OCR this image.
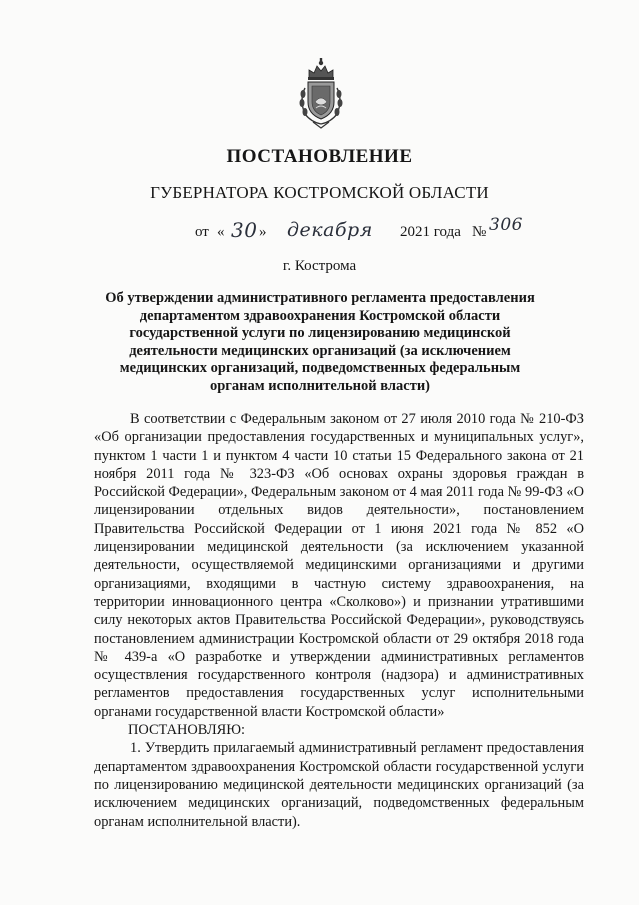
ПОСТАНОВЛЕНИЕ
ГУБЕРНАТОРА КОСТРОМСКОЙ ОБЛАСТИ
от « 30 » декабря 2021 года № 306
г. Кострома
Об утверждении административного регламента предоставления департаментом здравоохранения Костромской области государственной услуги по лицензированию медицинской деятельности медицинских организаций (за исключением медицинских организаций, подведомственных федеральным органам исполнительной власти)

В соответствии с Федеральным законом от 27 июля 2010 года № 210-ФЗ «Об организации предоставления государственных и муниципальных услуг», пунктом 1 части 1 и пунктом 4 части 10 статьи 15 Федерального закона от 21 ноября 2011 года № 323-ФЗ «Об основах охраны здоровья граждан в Российской Федерации», Федеральным законом от 4 мая 2011 года № 99-ФЗ «О лицензировании отдельных видов деятельности», постановлением Правительства Российской Федерации от 1 июня 2021 года № 852 «О лицензировании медицинской деятельности (за исключением указанной деятельности, осуществляемой медицинскими организациями и другими организациями, входящими в частную систему здравоохранения, на территории инновационного центра «Сколково») и признании утратившими силу некоторых актов Правительства Российской Федерации», руководствуясь постановлением администрации Костромской области от 29 октября 2018 года № 439-а «О разработке и утверждении административных регламентов осуществления государственного контроля (надзора) и административных регламентов предоставления государственных услуг исполнительными органами государственной власти Костромской области»

ПОСТАНОВЛЯЮ:

1. Утвердить прилагаемый административный регламент предоставления департаментом здравоохранения Костромской области государственной услуги по лицензированию медицинской деятельности медицинских организаций (за исключением медицинских организаций, подведомственных федеральным органам исполнительной власти).
